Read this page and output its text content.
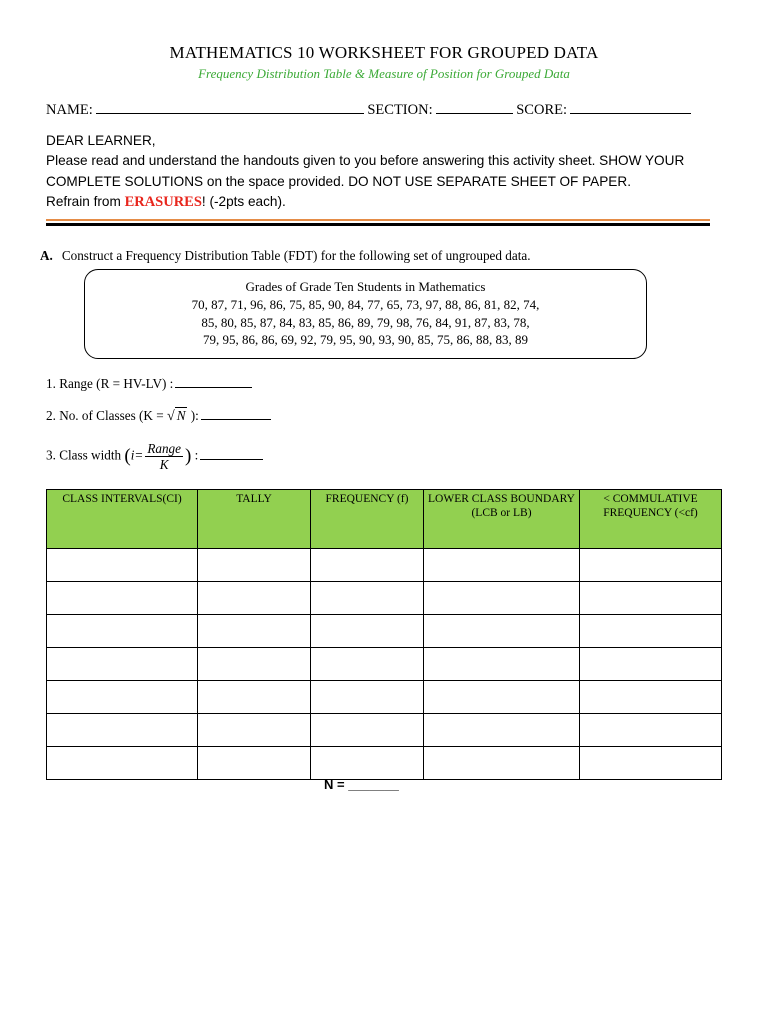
MATHEMATICS 10 WORKSHEET FOR GROUPED DATA
Frequency Distribution Table & Measure of Position for Grouped Data
NAME:	SECTION:	SCORE:
DEAR LEARNER,
Please read and understand the handouts given to you before answering this activity sheet. SHOW YOUR COMPLETE SOLUTIONS on the space provided. DO NOT USE SEPARATE SHEET OF PAPER.
Refrain from ERASURES! (-2pts each).
A. Construct a Frequency Distribution Table (FDT) for the following set of ungrouped data.
Grades of Grade Ten Students in Mathematics
70, 87, 71, 96, 86, 75, 85, 90, 84, 77, 65, 73, 97, 88, 86, 81, 82, 74,
85, 80, 85, 87, 84, 83, 85, 86, 89, 79, 98, 76, 84, 91, 87, 83, 78,
79, 95, 86, 86, 69, 92, 79, 95, 90, 93, 90, 85, 75, 86, 88, 83, 89
1. Range (R = HV-LV) :
2. No. of Classes (K = √ N ):
3. Class width ($i= \frac{\text{Range}}{K}$ ) :
CLASS INTERVALS(CI)	TALLY	FREQUENCY (f)	LOWER CLASS BOUNDARY (LCB or LB)	< COMMULATIVE FREQUENCY (<cf)

N = _______
